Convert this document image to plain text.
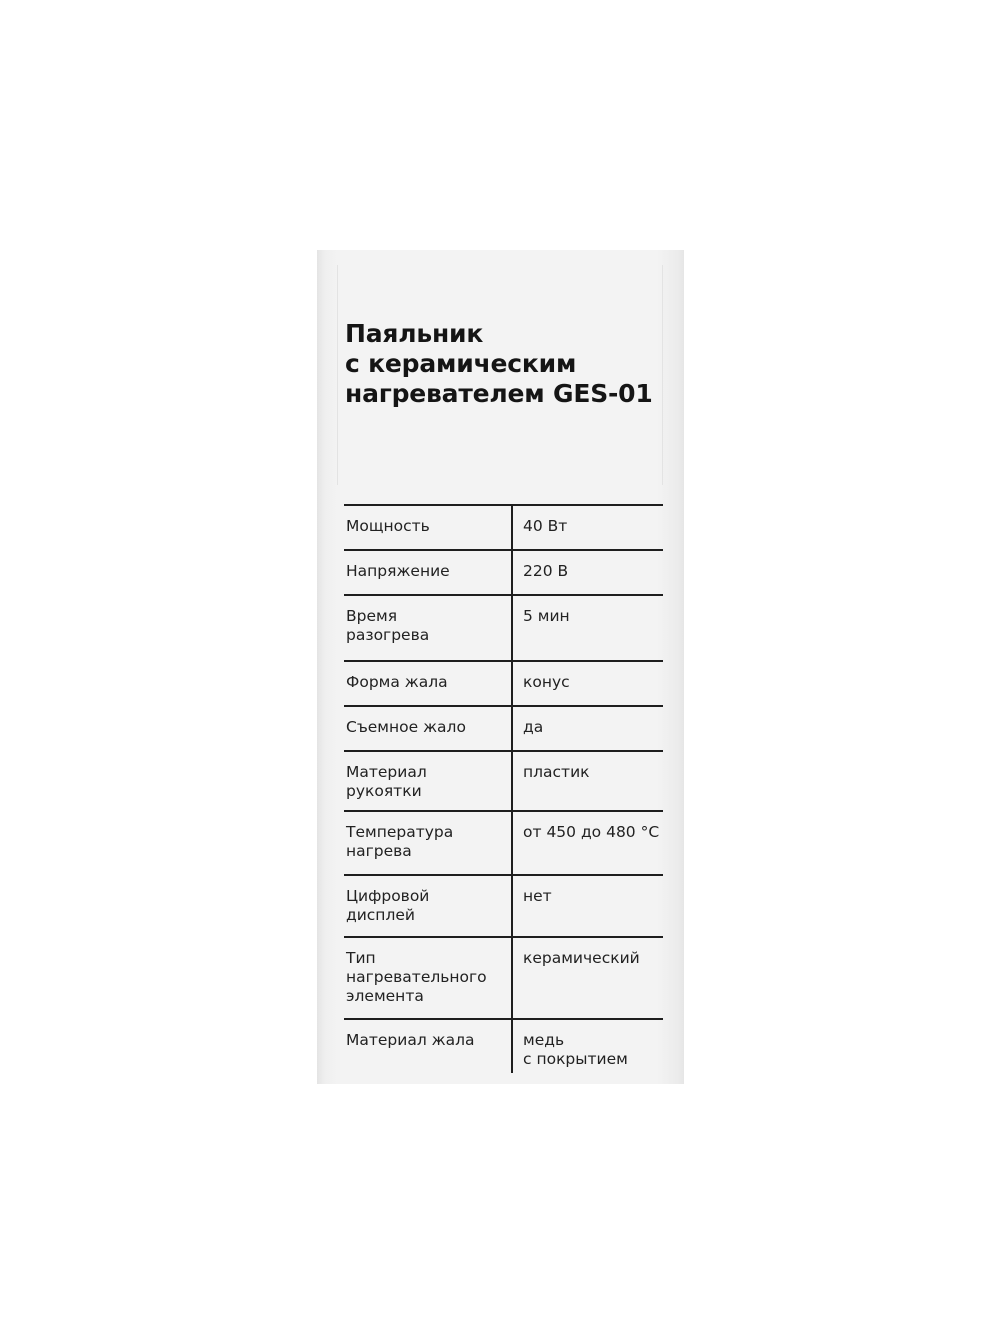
Паяльник
с керамическим
нагревателем GES-01
Мощность	40 Вт
Напряжение	220 В
Время
разогрева	5 мин
Форма жала	конус
Съемное жало	да
Материал
рукоятки	пластик
Температура
нагрева	от 450 до 480 °C
Цифровой
дисплей	нет
Тип
нагревательного
элемента	керамический
Материал жала	медь
с покрытием
